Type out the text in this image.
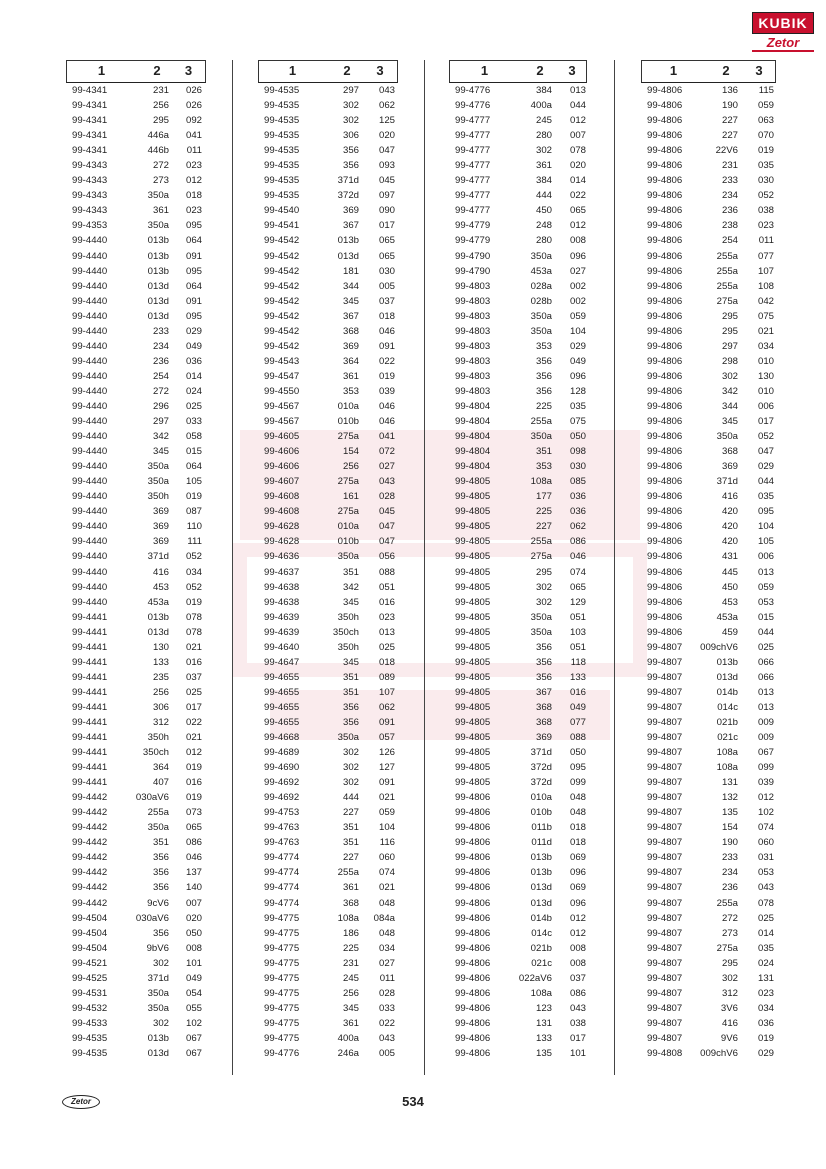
KUBIK
Zetor
1	2	3
99-4341	231 026
99-4341	256 026
99-4341	295 092
99-4341	446a 041
99-4341	446b 011
99-4343	272 023
99-4343	273 012
99-4343	350a 018
99-4343	361 023
99-4353	350a 095
99-4440	013b 064
99-4440	013b 091
99-4440	013b 095
99-4440	013d 064
99-4440	013d 091
99-4440	013d 095
99-4440	233 029
99-4440	234 049
99-4440	236 036
99-4440	254 014
99-4440	272 024
99-4440	296 025
99-4440	297 033
99-4440	342 058
99-4440	345 015
99-4440	350a 064
99-4440	350a 105
99-4440	350h 019
99-4440	369 087
99-4440	369 110
99-4440	369 111
99-4440	371d 052
99-4440	416 034
99-4440	453 052
99-4440	453a 019
99-4441	013b 078
99-4441	013d 078
99-4441	130 021
99-4441	133 016
99-4441	235 037
99-4441	256 025
99-4441	306 017
99-4441	312 022
99-4441	350h 021
99-4441	350ch 012
99-4441	364 019
99-4441	407 016
99-4442	030aV6 019
99-4442	255a 073
99-4442	350a 065
99-4442	351 086
99-4442	356 046
99-4442	356 137
99-4442	356 140
99-4442	9cV6 007
99-4504	030aV6 020
99-4504	356 050
99-4504	9bV6 008
99-4521	302 101
99-4525	371d 049
99-4531	350a 054
99-4532	350a 055
99-4533	302 102
99-4535	013b 067
99-4535	013d 067
1	2	3
99-4535	297 043
99-4535	302 062
99-4535	302 125
99-4535	306 020
99-4535	356 047
99-4535	356 093
99-4535	371d 045
99-4535	372d 097
99-4540	369 090
99-4541	367 017
99-4542	013b 065
99-4542	013d 065
99-4542	181 030
99-4542	344 005
99-4542	345 037
99-4542	367 018
99-4542	368 046
99-4542	369 091
99-4543	364 022
99-4547	361 019
99-4550	353 039
99-4567	010a 046
99-4567	010b 046
99-4605	275a 041
99-4606	154 072
99-4606	256 027
99-4607	275a 043
99-4608	161 028
99-4608	275a 045
99-4628	010a 047
99-4628	010b 047
99-4636	350a 056
99-4637	351 088
99-4638	342 051
99-4638	345 016
99-4639	350h 023
99-4639	350ch 013
99-4640	350h 025
99-4647	345 018
99-4655	351 089
99-4655	351 107
99-4655	356 062
99-4655	356 091
99-4668	350a 057
99-4689	302 126
99-4690	302 127
99-4692	302 091
99-4692	444 021
99-4753	227 059
99-4763	351 104
99-4763	351 116
99-4774	227 060
99-4774	255a 074
99-4774	361 021
99-4774	368 048
99-4775	108a 084a
99-4775	186 048
99-4775	225 034
99-4775	231 027
99-4775	245 011
99-4775	256 028
99-4775	345 033
99-4775	361 022
99-4775	400a 043
99-4776	246a 005
1	2	3
99-4776	384 013
99-4776	400a 044
99-4777	245 012
99-4777	280 007
99-4777	302 078
99-4777	361 020
99-4777	384 014
99-4777	444 022
99-4777	450 065
99-4779	248 012
99-4779	280 008
99-4790	350a 096
99-4790	453a 027
99-4803	028a 002
99-4803	028b 002
99-4803	350a 059
99-4803	350a 104
99-4803	353 029
99-4803	356 049
99-4803	356 096
99-4803	356 128
99-4804	225 035
99-4804	255a 075
99-4804	350a 050
99-4804	351 098
99-4804	353 030
99-4805	108a 085
99-4805	177 036
99-4805	225 036
99-4805	227 062
99-4805	255a 086
99-4805	275a 046
99-4805	295 074
99-4805	302 065
99-4805	302 129
99-4805	350a 051
99-4805	350a 103
99-4805	356 051
99-4805	356 118
99-4805	356 133
99-4805	367 016
99-4805	368 049
99-4805	368 077
99-4805	369 088
99-4805	371d 050
99-4805	372d 095
99-4805	372d 099
99-4806	010a 048
99-4806	010b 048
99-4806	011b 018
99-4806	011d 018
99-4806	013b 069
99-4806	013b 096
99-4806	013d 069
99-4806	013d 096
99-4806	014b 012
99-4806	014c 012
99-4806	021b 008
99-4806	021c 008
99-4806	022aV6 037
99-4806	108a 086
99-4806	123 043
99-4806	131 038
99-4806	133 017
99-4806	135 101
1	2	3
99-4806	136 115
99-4806	190 059
99-4806	227 063
99-4806	227 070
99-4806	22V6 019
99-4806	231 035
99-4806	233 030
99-4806	234 052
99-4806	236 038
99-4806	238 023
99-4806	254 011
99-4806	255a 077
99-4806	255a 107
99-4806	255a 108
99-4806	275a 042
99-4806	295 075
99-4806	295 021
99-4806	297 034
99-4806	298 010
99-4806	302 130
99-4806	342 010
99-4806	344 006
99-4806	345 017
99-4806	350a 052
99-4806	368 047
99-4806	369 029
99-4806	371d 044
99-4806	416 035
99-4806	420 095
99-4806	420 104
99-4806	420 105
99-4806	431 006
99-4806	445 013
99-4806	450 059
99-4806	453 053
99-4806	453a 015
99-4806	459 044
99-4807 009chV6 025
99-4807	013b 066
99-4807	013d 066
99-4807	014b 013
99-4807	014c 013
99-4807	021b 009
99-4807	021c 009
99-4807	108a 067
99-4807	108a 099
99-4807	131 039
99-4807	132 012
99-4807	135 102
99-4807	154 074
99-4807	190 060
99-4807	233 031
99-4807	234 053
99-4807	236 043
99-4807	255a 078
99-4807	272 025
99-4807	273 014
99-4807	275a 035
99-4807	295 024
99-4807	302 131
99-4807	312 023
99-4807	3V6 034
99-4807	416 036
99-4807	9V6 019
99-4808 009chV6 029
Zetor	534
